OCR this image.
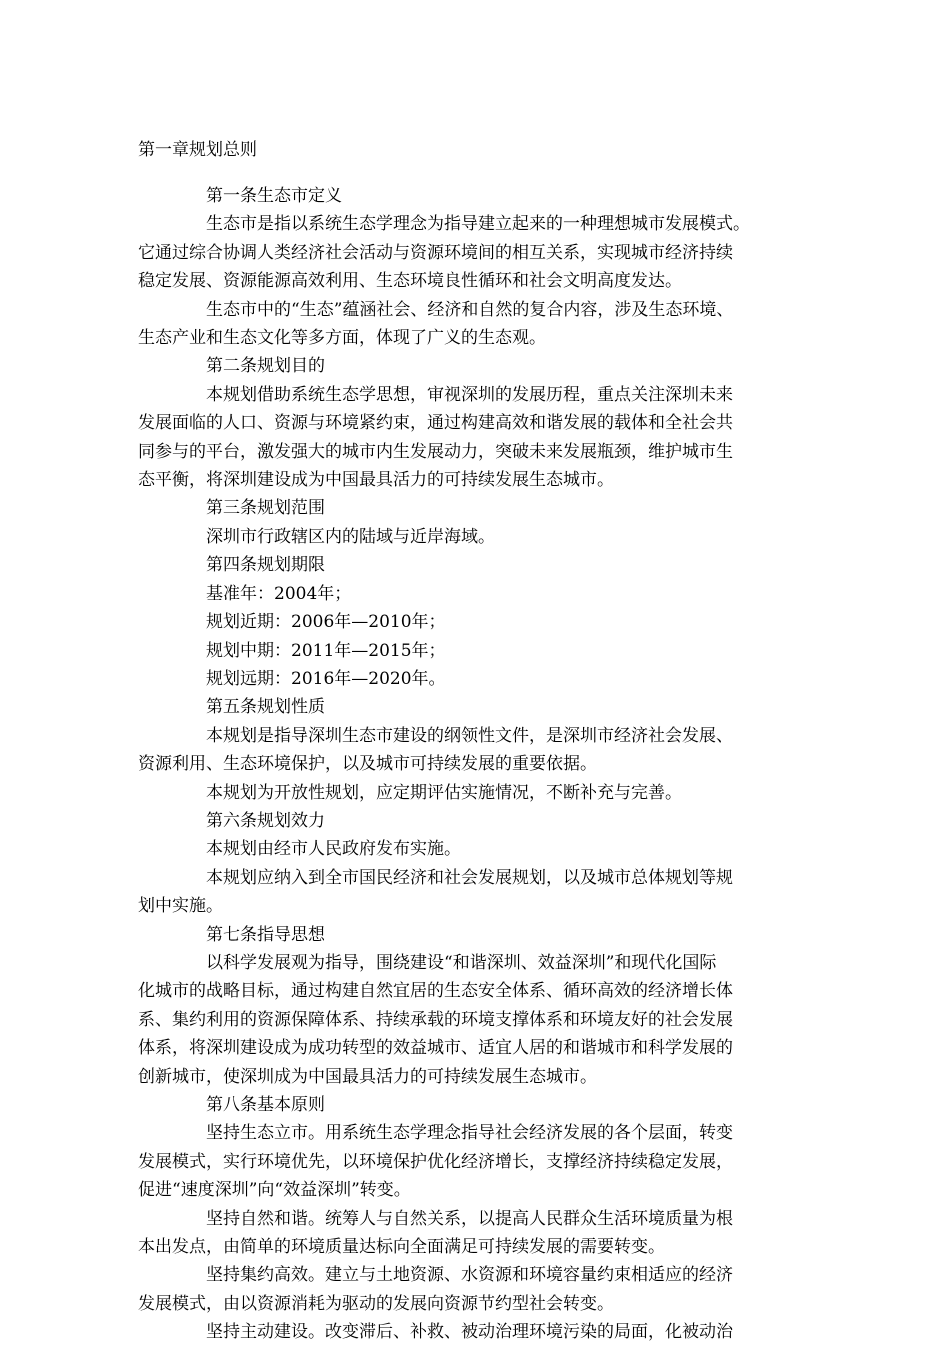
第一章规划总则
第一条生态市定义
生态市是指以系统生态学理念为指导建立起来的一种理想城市发展模式。
它通过综合协调人类经济社会活动与资源环境间的相互关系，实现城市经济持续
稳定发展、资源能源高效利用、生态环境良性循环和社会文明高度发达。
生态市中的“生态”蕴涵社会、经济和自然的复合内容，涉及生态环境、
生态产业和生态文化等多方面，体现了广义的生态观。
第二条规划目的
本规划借助系统生态学思想，审视深圳的发展历程，重点关注深圳未来
发展面临的人口、资源与环境紧约束，通过构建高效和谐发展的载体和全社会共
同参与的平台，激发强大的城市内生发展动力，突破未来发展瓶颈，维护城市生
态平衡，将深圳建设成为中国最具活力的可持续发展生态城市。
第三条规划范围
深圳市行政辖区内的陆域与近岸海域。
第四条规划期限
基准年：2004年；
规划近期：2006年—2010年；
规划中期：2011年—2015年；
规划远期：2016年—2020年。
第五条规划性质
本规划是指导深圳生态市建设的纲领性文件，是深圳市经济社会发展、
资源利用、生态环境保护，以及城市可持续发展的重要依据。
本规划为开放性规划，应定期评估实施情况，不断补充与完善。
第六条规划效力
本规划由经市人民政府发布实施。
本规划应纳入到全市国民经济和社会发展规划，以及城市总体规划等规
划中实施。
第七条指导思想
以科学发展观为指导，围绕建设“和谐深圳、效益深圳”和现代化国际
化城市的战略目标，通过构建自然宜居的生态安全体系、循环高效的经济增长体
系、集约利用的资源保障体系、持续承载的环境支撑体系和环境友好的社会发展
体系，将深圳建设成为成功转型的效益城市、适宜人居的和谐城市和科学发展的
创新城市，使深圳成为中国最具活力的可持续发展生态城市。
第八条基本原则
坚持生态立市。用系统生态学理念指导社会经济发展的各个层面，转变
发展模式，实行环境优先，以环境保护优化经济增长，支撑经济持续稳定发展，
促进“速度深圳”向“效益深圳”转变。
坚持自然和谐。统筹人与自然关系，以提高人民群众生活环境质量为根
本出发点，由简单的环境质量达标向全面满足可持续发展的需要转变。
坚持集约高效。建立与土地资源、水资源和环境容量约束相适应的经济
发展模式，由以资源消耗为驱动的发展向资源节约型社会转变。
坚持主动建设。改变滞后、补救、被动治理环境污染的局面，化被动治
